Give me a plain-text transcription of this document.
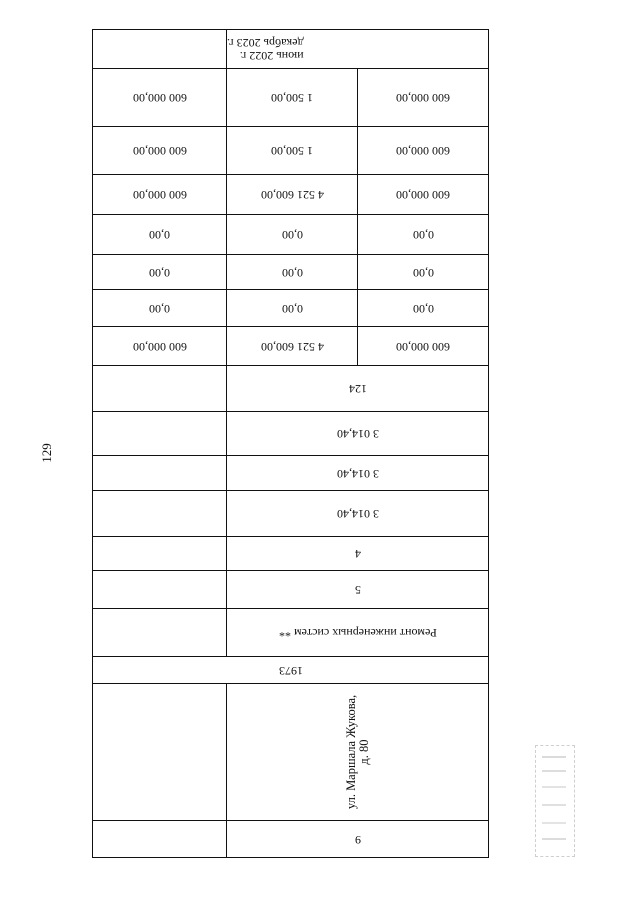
129
июнь 2022 г.
декабрь 2023 г.
600 000,00	1 500,00	600 000,00
600 000,00	1 500,00	600 000,00
600 000,00	4 521 600,00	600 000,00
0,00	0,00	0,00
0,00	0,00	0,00
0,00	0,00	0,00
600 000,00	4 521 600,00	600 000,00
124
3 014,40
3 014,40
3 014,40
4
5
Ремонт инженерных систем **
1973
ул. Маршала Жукова,
д. 80
9
